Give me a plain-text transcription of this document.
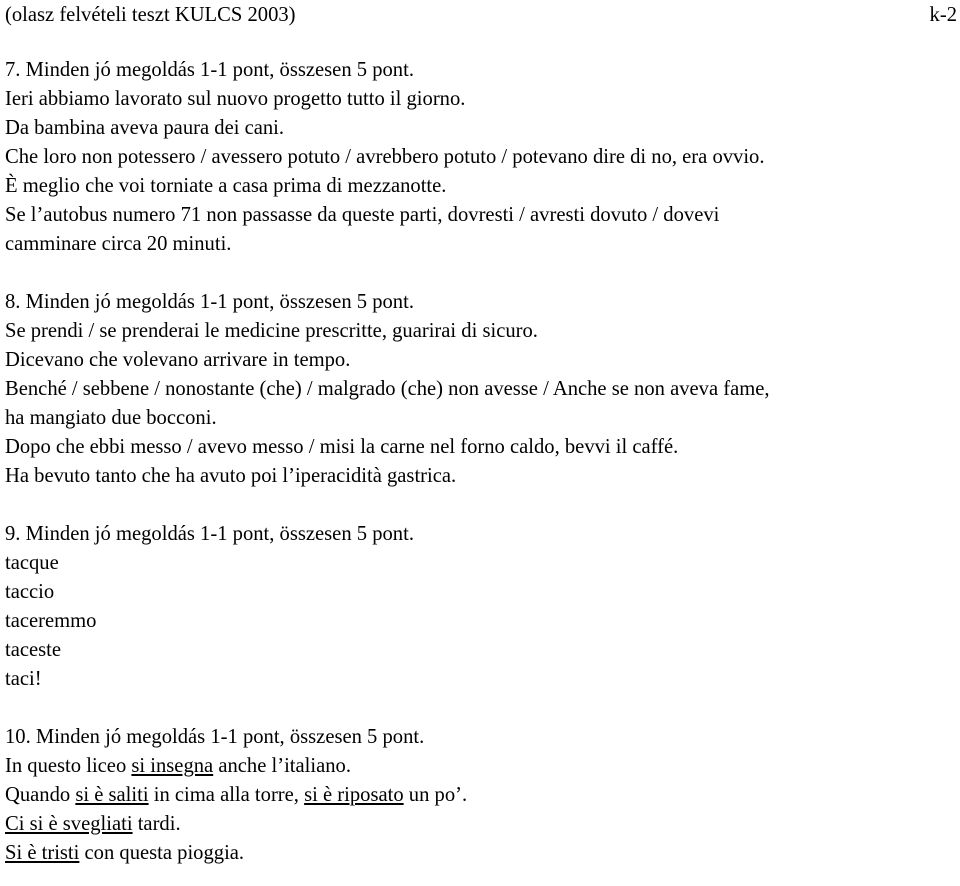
(olasz felvételi teszt KULCS 2003)	k-2
7. Minden jó megoldás 1-1 pont, összesen 5 pont.
Ieri abbiamo lavorato sul nuovo progetto tutto il giorno.
Da bambina aveva paura dei cani.
Che loro non potessero / avessero potuto / avrebbero potuto / potevano dire di no, era ovvio.
È meglio che voi torniate a casa prima di mezzanotte.
Se l’autobus numero 71 non passasse da queste parti, dovresti / avresti dovuto / dovevi
camminare circa 20 minuti.
8. Minden jó megoldás 1-1 pont, összesen 5 pont.
Se prendi / se prenderai le medicine prescritte, guarirai di sicuro.
Dicevano che volevano arrivare in tempo.
Benché / sebbene / nonostante (che) / malgrado (che) non avesse / Anche se non aveva fame,
ha mangiato due bocconi.
Dopo che ebbi messo / avevo messo / misi la carne nel forno caldo, bevvi il caffé.
Ha bevuto tanto che ha avuto poi l’iperacidità gastrica.
9. Minden jó megoldás 1-1 pont, összesen 5 pont.
tacque
taccio
taceremmo
taceste
taci!
10. Minden jó megoldás 1-1 pont, összesen 5 pont.
In questo liceo si insegna anche l’italiano.
Quando si è saliti in cima alla torre, si è riposato un po’.
Ci si è svegliati tardi.
Si è tristi con questa pioggia.
